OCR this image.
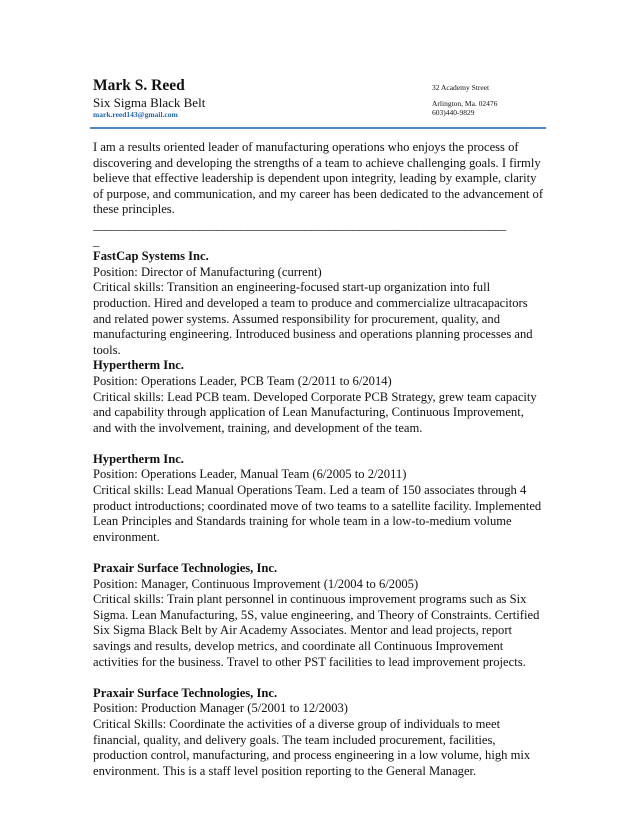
Mark S. Reed
Six Sigma Black Belt
mark.reed143@gmail.com
32 Academy Street
Arlington, Ma. 02476
603)440-9829

I am a results oriented leader of manufacturing operations who enjoys the process of discovering and developing the strengths of a team to achieve challenging goals. I firmly believe that effective leadership is dependent upon integrity, leading by example, clarity of purpose, and communication, and my career has been dedicated to the advancement of these principles.

______________________________________________________________________

_

FastCap Systems Inc.
Position: Director of Manufacturing (current)
Critical skills: Transition an engineering-focused start-up organization into full production. Hired and developed a team to produce and commercialize ultracapacitors and related power systems. Assumed responsibility for procurement, quality, and manufacturing engineering. Introduced business and operations planning processes and tools.
Hypertherm Inc.
Position: Operations Leader, PCB Team (2/2011 to 6/2014)
Critical skills: Lead PCB team. Developed Corporate PCB Strategy, grew team capacity and capability through application of Lean Manufacturing, Continuous Improvement, and with the involvement, training, and development of the team.
Hypertherm Inc.
Position: Operations Leader, Manual Team (6/2005 to 2/2011)
Critical skills: Lead Manual Operations Team. Led a team of 150 associates through 4 product introductions; coordinated move of two teams to a satellite facility. Implemented Lean Principles and Standards training for whole team in a low-to-medium volume environment.
Praxair Surface Technologies, Inc.
Position: Manager, Continuous Improvement (1/2004 to 6/2005)
Critical skills: Train plant personnel in continuous improvement programs such as Six Sigma. Lean Manufacturing, 5S, value engineering, and Theory of Constraints. Certified Six Sigma Black Belt by Air Academy Associates. Mentor and lead projects, report savings and results, develop metrics, and coordinate all Continuous Improvement activities for the business. Travel to other PST facilities to lead improvement projects.
Praxair Surface Technologies, Inc.
Position: Production Manager (5/2001 to 12/2003)
Critical Skills: Coordinate the activities of a diverse group of individuals to meet financial, quality, and delivery goals. The team included procurement, facilities, production control, manufacturing, and process engineering in a low volume, high mix environment. This is a staff level position reporting to the General Manager.
